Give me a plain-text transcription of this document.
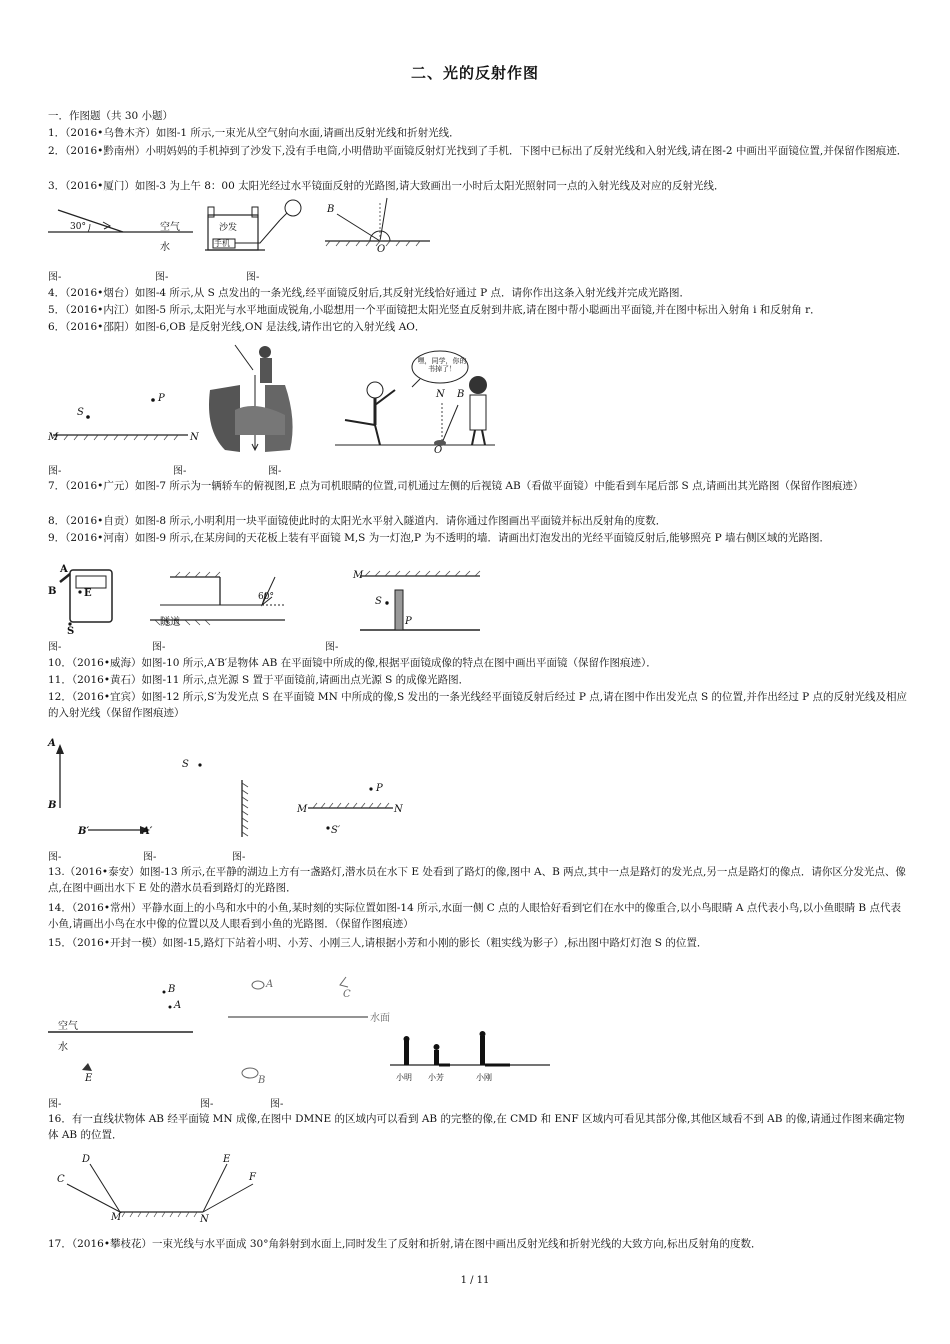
二、光的反射作图
一．作图题（共 30 小题）
1．（2016•乌鲁木齐）如图-1 所示,一束光从空气射向水面,请画出反射光线和折射光线．
2．（2016•黔南州）小明妈妈的手机掉到了沙发下,没有手电筒,小明借助平面镜反射灯光找到了手机．下图中已标出了反射光线和入射光线,请在图-2 中画出平面镜位置,并保留作图痕迹．
3．（2016•厦门）如图-3 为上午 8：00 太阳光经过水平镜面反射的光路图,请大致画出一小时后太阳光照射同一点的入射光线及对应的反射光线．
30°	空气
水
沙发
手机
B
O
图-	图-	图-
4．（2016•烟台）如图-4 所示,从 S 点发出的一条光线,经平面镜反射后,其反射光线恰好通过 P 点．请你作出这条入射光线并完成光路图．
5．（2016•内江）如图-5 所示,太阳光与水平地面成锐角,小聪想用一个平面镜把太阳光竖直反射到井底,请在图中帮小聪画出平面镜,并在图中标出入射角 i 和反射角 r．
6．（2016•邵阳）如图-6,OB 是反射光线,ON 是法线,请作出它的入射光线 AO．
S
P
M	N
嘿，同学，你的书掉了！
N B
O
图-	图-	图-
7．（2016•广元）如图-7 所示为一辆轿车的俯视图,E 点为司机眼睛的位置,司机通过左侧的后视镜 AB（看做平面镜）中能看到车尾后部 S 点,请画出其光路图（保留作图痕迹）
8．（2016•自贡）如图-8 所示,小明利用一块平面镜使此时的太阳光水平射入隧道内．请你通过作图画出平面镜并标出反射角的度数．
9．（2016•河南）如图-9 所示,在某房间的天花板上装有平面镜 M,S 为一灯泡,P 为不透明的墙．请画出灯泡发出的光经平面镜反射后,能够照亮 P 墙右侧区域的光路图．
A
B	E
S
60°
隧道
M
S
P
图-	图-	图-
10．（2016•威海）如图-10 所示,A′B′是物体 AB 在平面镜中所成的像,根据平面镜成像的特点在图中画出平面镜（保留作图痕迹）．
11．（2016•黄石）如图-11 所示,点光源 S 置于平面镜前,请画出点光源 S 的成像光路图．
12．（2016•宜宾）如图-12 所示,S′为发光点 S 在平面镜 MN 中所成的像,S 发出的一条光线经平面镜反射后经过 P 点,请在图中作出发光点 S 的位置,并作出经过 P 点的反射光线及相应的入射光线（保留作图痕迹）
A
B
B′	A′
S
P
M	N
S′
图-	图-	图-
13.（2016•泰安）如图-13 所示,在平静的湖边上方有一盏路灯,潜水员在水下 E 处看到了路灯的像,图中 A、B 两点,其中一点是路灯的发光点,另一点是路灯的像点．请你区分发光点、像点,在图中画出水下 E 处的潜水员看到路灯的光路图．
14．（2016•常州）平静水面上的小鸟和水中的小鱼,某时刻的实际位置如图-14 所示,水面一侧 C 点的人眼恰好看到它们在水中的像重合,以小鸟眼睛 A 点代表小鸟,以小鱼眼睛 B 点代表小鱼,请画出小鸟在水中像的位置以及人眼看到小鱼的光路图．（保留作图痕迹）
15．（2016•开封一模）如图-15,路灯下站着小明、小芳、小刚三人,请根据小芳和小刚的影长（粗实线为影子）,标出图中路灯灯泡 S 的位置．
B
A
空气
水
E
A
C
水面
B	小明 小芳	小刚
图-	图-	图-
16．有一直线状物体 AB 经平面镜 MN 成像,在图中 DMNE 的区域内可以看到 AB 的完整的像,在 CMD 和 ENF 区域内可看见其部分像,其他区域看不到 AB 的像,请通过作图来确定物体 AB 的位置．
C
D	E
F
M	N
17．（2016•攀枝花）一束光线与水平面成 30°角斜射到水面上,同时发生了反射和折射,请在图中画出反射光线和折射光线的大致方向,标出反射角的度数．
1 / 11
